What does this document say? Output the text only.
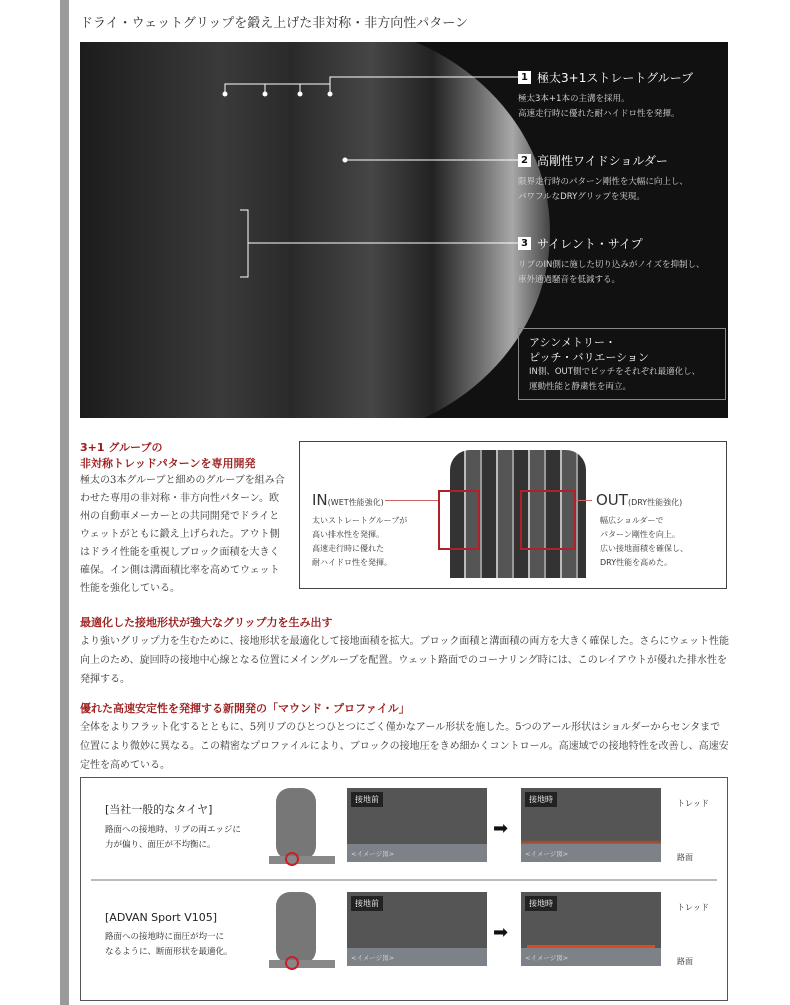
ドライ・ウェットグリップを鍛え上げた非対称・非方向性パターン
1 極太3+1ストレートグルーブ
極太3本+1本の主溝を採用。
高速走行時に優れた耐ハイドロ性を発揮。
2 高剛性ワイドショルダー
限界走行時のパターン剛性を大幅に向上し、
パワフルなDRYグリップを実現。
3 サイレント・サイプ
リブのIN側に施した切り込みがノイズを抑制し、
車外通過騒音を低減する。
アシンメトリー・
ピッチ・バリエーション
IN側、OUT側でピッチをそれぞれ最適化し、
運動性能と静粛性を両立。
3+1 グルーブの
非対称トレッドパターンを専用開発
極太の3本グルーブと細めのグルーブを組み合わせた専用の非対称・非方向性パターン。欧州の自動車メーカーとの共同開発でドライとウェットがともに鍛え上げられた。アウト側はドライ性能を重視しブロック面積を大きく確保。イン側は溝面積比率を高めてウェット性能を強化している。
IN(WET性能強化)
太いストレートグルーブが
高い排水性を発揮。
高速走行時に優れた
耐ハイドロ性を発揮。
OUT(DRY性能強化)
幅広ショルダーで
パターン剛性を向上。
広い接地面積を確保し、
DRY性能を高めた。
最適化した接地形状が強大なグリップ力を生み出す
より強いグリップ力を生むために、接地形状を最適化して接地面積を拡大。ブロック面積と溝面積の両方を大きく確保した。さらにウェット性能向上のため、旋回時の接地中心線となる位置にメイングルーブを配置。ウェット路面でのコーナリング時には、このレイアウトが優れた排水性を発揮する。
優れた高速安定性を発揮する新開発の「マウンド・プロファイル」
全体をよりフラット化するとともに、5列リブのひとつひとつにごく僅かなアール形状を施した。5つのアール形状はショルダーからセンタまで位置により微妙に異なる。この精密なプロファイルにより、ブロックの接地圧をきめ細かくコントロール。高速域での接地特性を改善し、高速安定性を高めている。
[当社一般的なタイヤ]
路面への接地時、リブの両エッジに
力が偏り、面圧が不均衡に。
接地前
<イメージ図>
➡
接地時
<イメージ図>
トレッド
路面
[ADVAN Sport V105]
路面への接地時に面圧が均一に
なるように、断面形状を最適化。
接地前
<イメージ図>
➡
接地時
<イメージ図>
トレッド
路面
